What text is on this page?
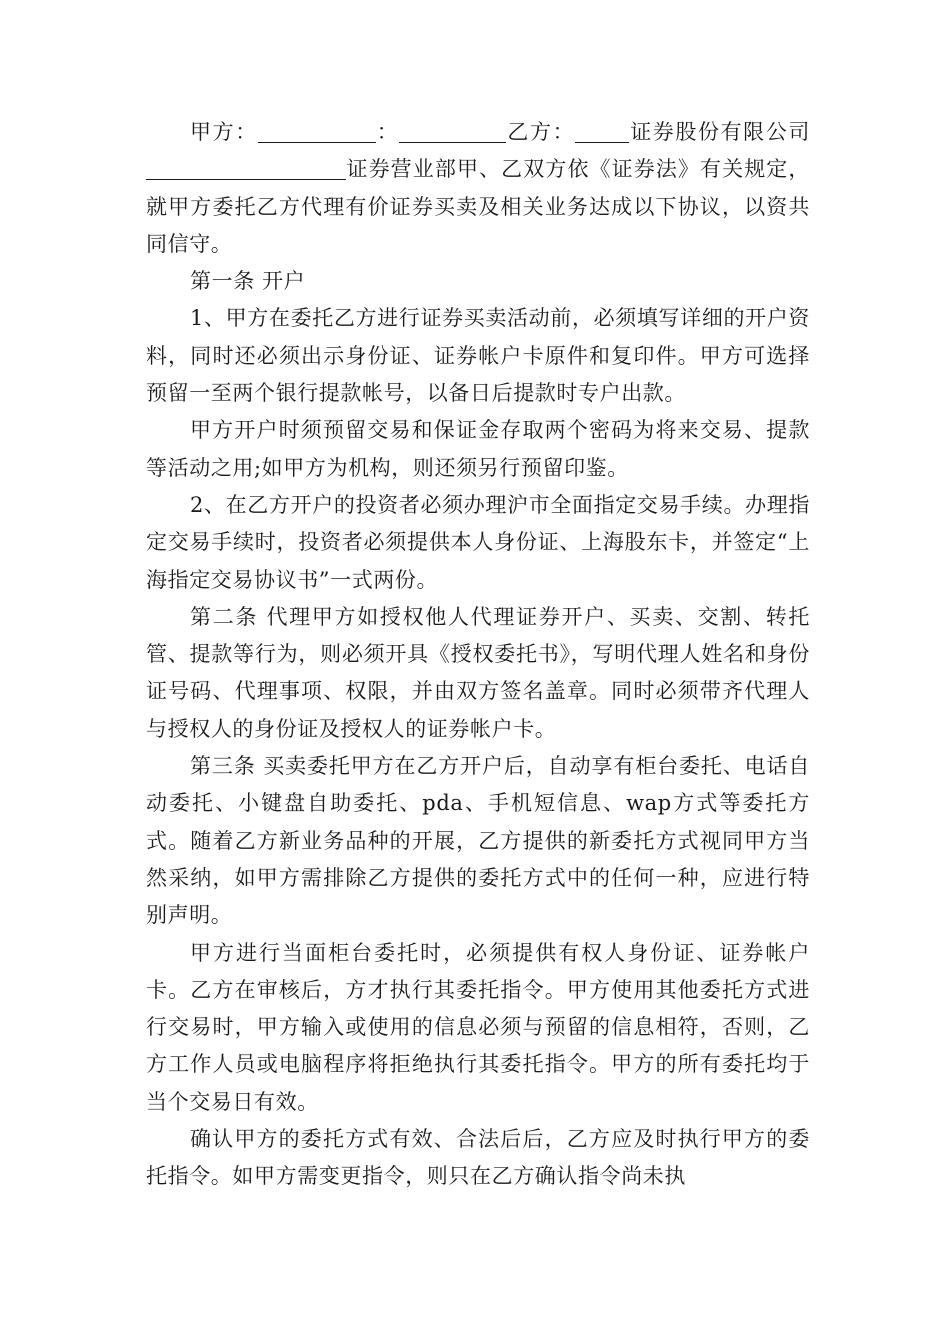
甲方：	：	乙方：	证券股份有限公司证券营业部甲、乙双方依《证券法》有关规定，就甲方委托乙方代理有价证券买卖及相关业务达成以下协议，以资共同信守。

第一条 开户

1、甲方在委托乙方进行证券买卖活动前，必须填写详细的开户资料，同时还必须出示身份证、证券帐户卡原件和复印件。甲方可选择预留一至两个银行提款帐号，以备日后提款时专户出款。

甲方开户时须预留交易和保证金存取两个密码为将来交易、提款等活动之用;如甲方为机构，则还须另行预留印鉴。

2、在乙方开户的投资者必须办理沪市全面指定交易手续。办理指定交易手续时，投资者必须提供本人身份证、上海股东卡，并签定“上海指定交易协议书”一式两份。

第二条 代理甲方如授权他人代理证券开户、买卖、交割、转托管、提款等行为，则必须开具《授权委托书》，写明代理人姓名和身份证号码、代理事项、权限，并由双方签名盖章。同时必须带齐代理人与授权人的身份证及授权人的证券帐户卡。

第三条 买卖委托甲方在乙方开户后，自动享有柜台委托、电话自动委托、小键盘自助委托、pda、手机短信息、wap方式等委托方式。随着乙方新业务品种的开展，乙方提供的新委托方式视同甲方当然采纳，如甲方需排除乙方提供的委托方式中的任何一种，应进行特别声明。

甲方进行当面柜台委托时，必须提供有权人身份证、证券帐户卡。乙方在审核后，方才执行其委托指令。甲方使用其他委托方式进行交易时，甲方输入或使用的信息必须与预留的信息相符，否则，乙方工作人员或电脑程序将拒绝执行其委托指令。甲方的所有委托均于当个交易日有效。

确认甲方的委托方式有效、合法后后，乙方应及时执行甲方的委托指令。如甲方需变更指令，则只在乙方确认指令尚未执
